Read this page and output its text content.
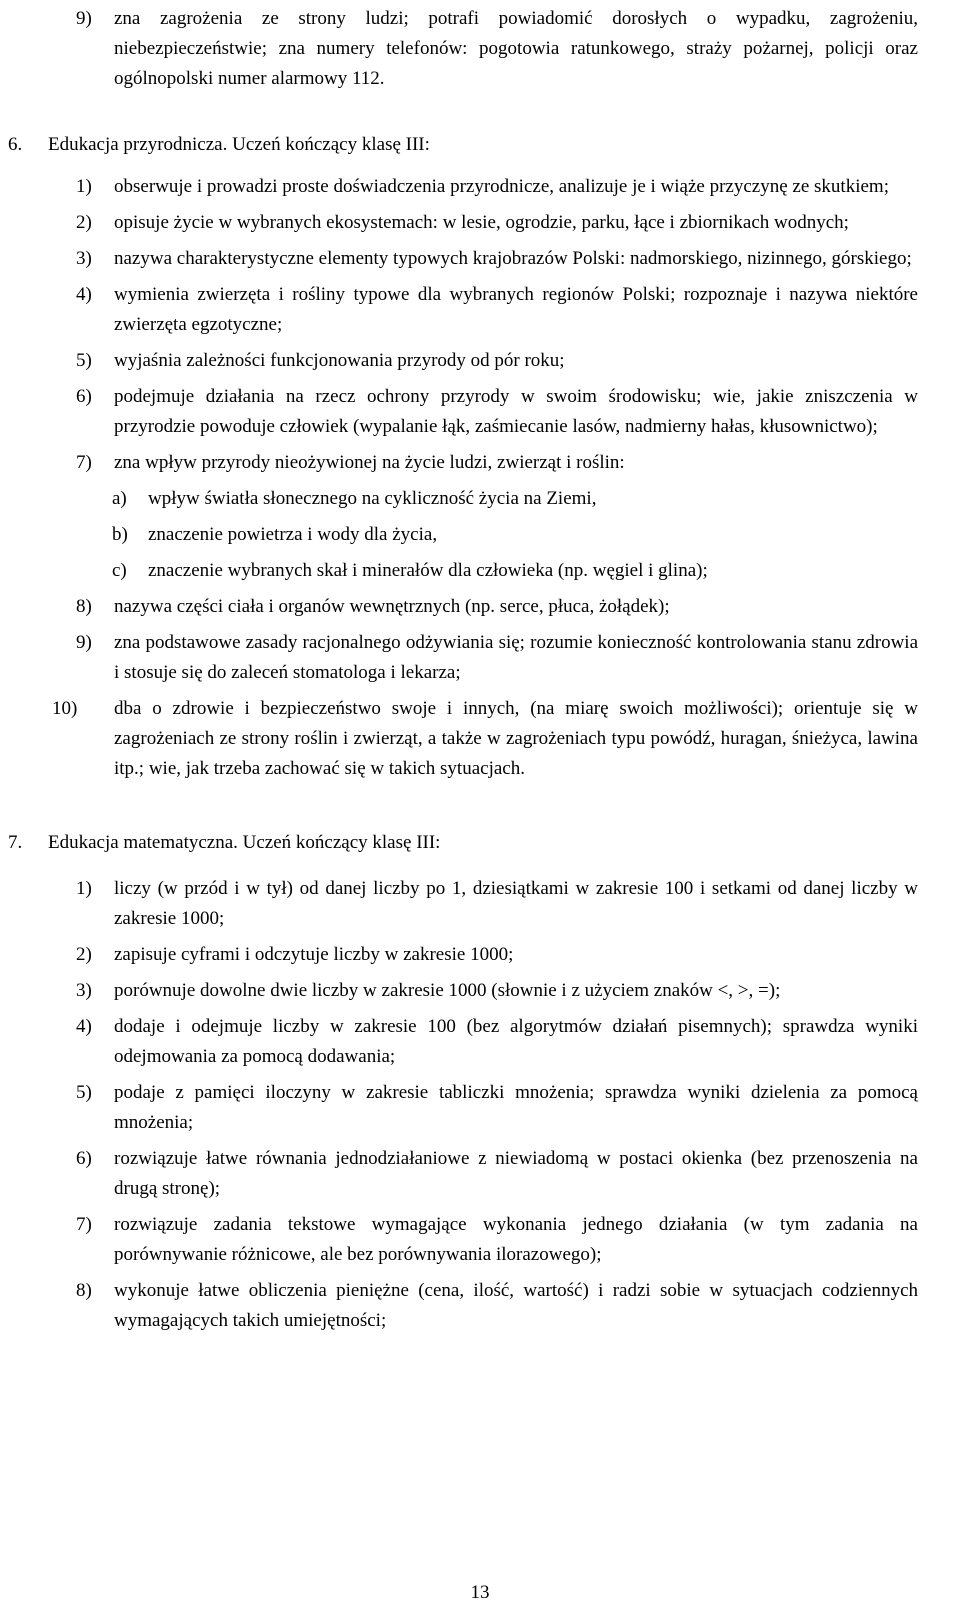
9) zna zagrożenia ze strony ludzi; potrafi powiadomić dorosłych o wypadku, zagrożeniu, niebezpieczeństwie; zna numery telefonów: pogotowia ratunkowego, straży pożarnej, policji oraz ogólnopolski numer alarmowy 112.
6. Edukacja przyrodnicza. Uczeń kończący klasę III:
1) obserwuje i prowadzi proste doświadczenia przyrodnicze, analizuje je i wiąże przyczynę ze skutkiem;
2) opisuje życie w wybranych ekosystemach: w lesie, ogrodzie, parku, łące i zbiornikach wodnych;
3) nazywa charakterystyczne elementy typowych krajobrazów Polski: nadmorskiego, nizinnego, górskiego;
4) wymienia zwierzęta i rośliny typowe dla wybranych regionów Polski; rozpoznaje i nazywa niektóre zwierzęta egzotyczne;
5) wyjaśnia zależności funkcjonowania przyrody od pór roku;
6) podejmuje działania na rzecz ochrony przyrody w swoim środowisku; wie, jakie zniszczenia w przyrodzie powoduje człowiek (wypalanie łąk, zaśmiecanie lasów, nadmierny hałas, kłusownictwo);
7) zna wpływ przyrody nieożywionej na życie ludzi, zwierząt i roślin:
a) wpływ światła słonecznego na cykliczność życia na Ziemi,
b) znaczenie powietrza i wody dla życia,
c) znaczenie wybranych skał i minerałów dla człowieka (np. węgiel i glina);
8) nazywa części ciała i organów wewnętrznych (np. serce, płuca, żołądek);
9) zna podstawowe zasady racjonalnego odżywiania się; rozumie konieczność kontrolowania stanu zdrowia i stosuje się do zaleceń stomatologa i lekarza;
10) dba o zdrowie i bezpieczeństwo swoje i innych, (na miarę swoich możliwości); orientuje się w zagrożeniach ze strony roślin i zwierząt, a także w zagrożeniach typu powódź, huragan, śnieżyca, lawina itp.; wie, jak trzeba zachować się w takich sytuacjach.
7. Edukacja matematyczna. Uczeń kończący klasę III:
1) liczy (w przód i w tył) od danej liczby po 1, dziesiątkami w zakresie 100 i setkami od danej liczby w zakresie 1000;
2) zapisuje cyframi i odczytuje liczby w zakresie 1000;
3) porównuje dowolne dwie liczby w zakresie 1000 (słownie i z użyciem znaków <, >, =);
4) dodaje i odejmuje liczby w zakresie 100 (bez algorytmów działań pisemnych); sprawdza wyniki odejmowania za pomocą dodawania;
5) podaje z pamięci iloczyny w zakresie tabliczki mnożenia; sprawdza wyniki dzielenia za pomocą mnożenia;
6) rozwiązuje łatwe równania jednodziałaniowe z niewiadomą w postaci okienka (bez przenoszenia na drugą stronę);
7) rozwiązuje zadania tekstowe wymagające wykonania jednego działania (w tym zadania na porównywanie różnicowe, ale bez porównywania ilorazowego);
8) wykonuje łatwe obliczenia pieniężne (cena, ilość, wartość) i radzi sobie w sytuacjach codziennych wymagających takich umiejętności;
13
